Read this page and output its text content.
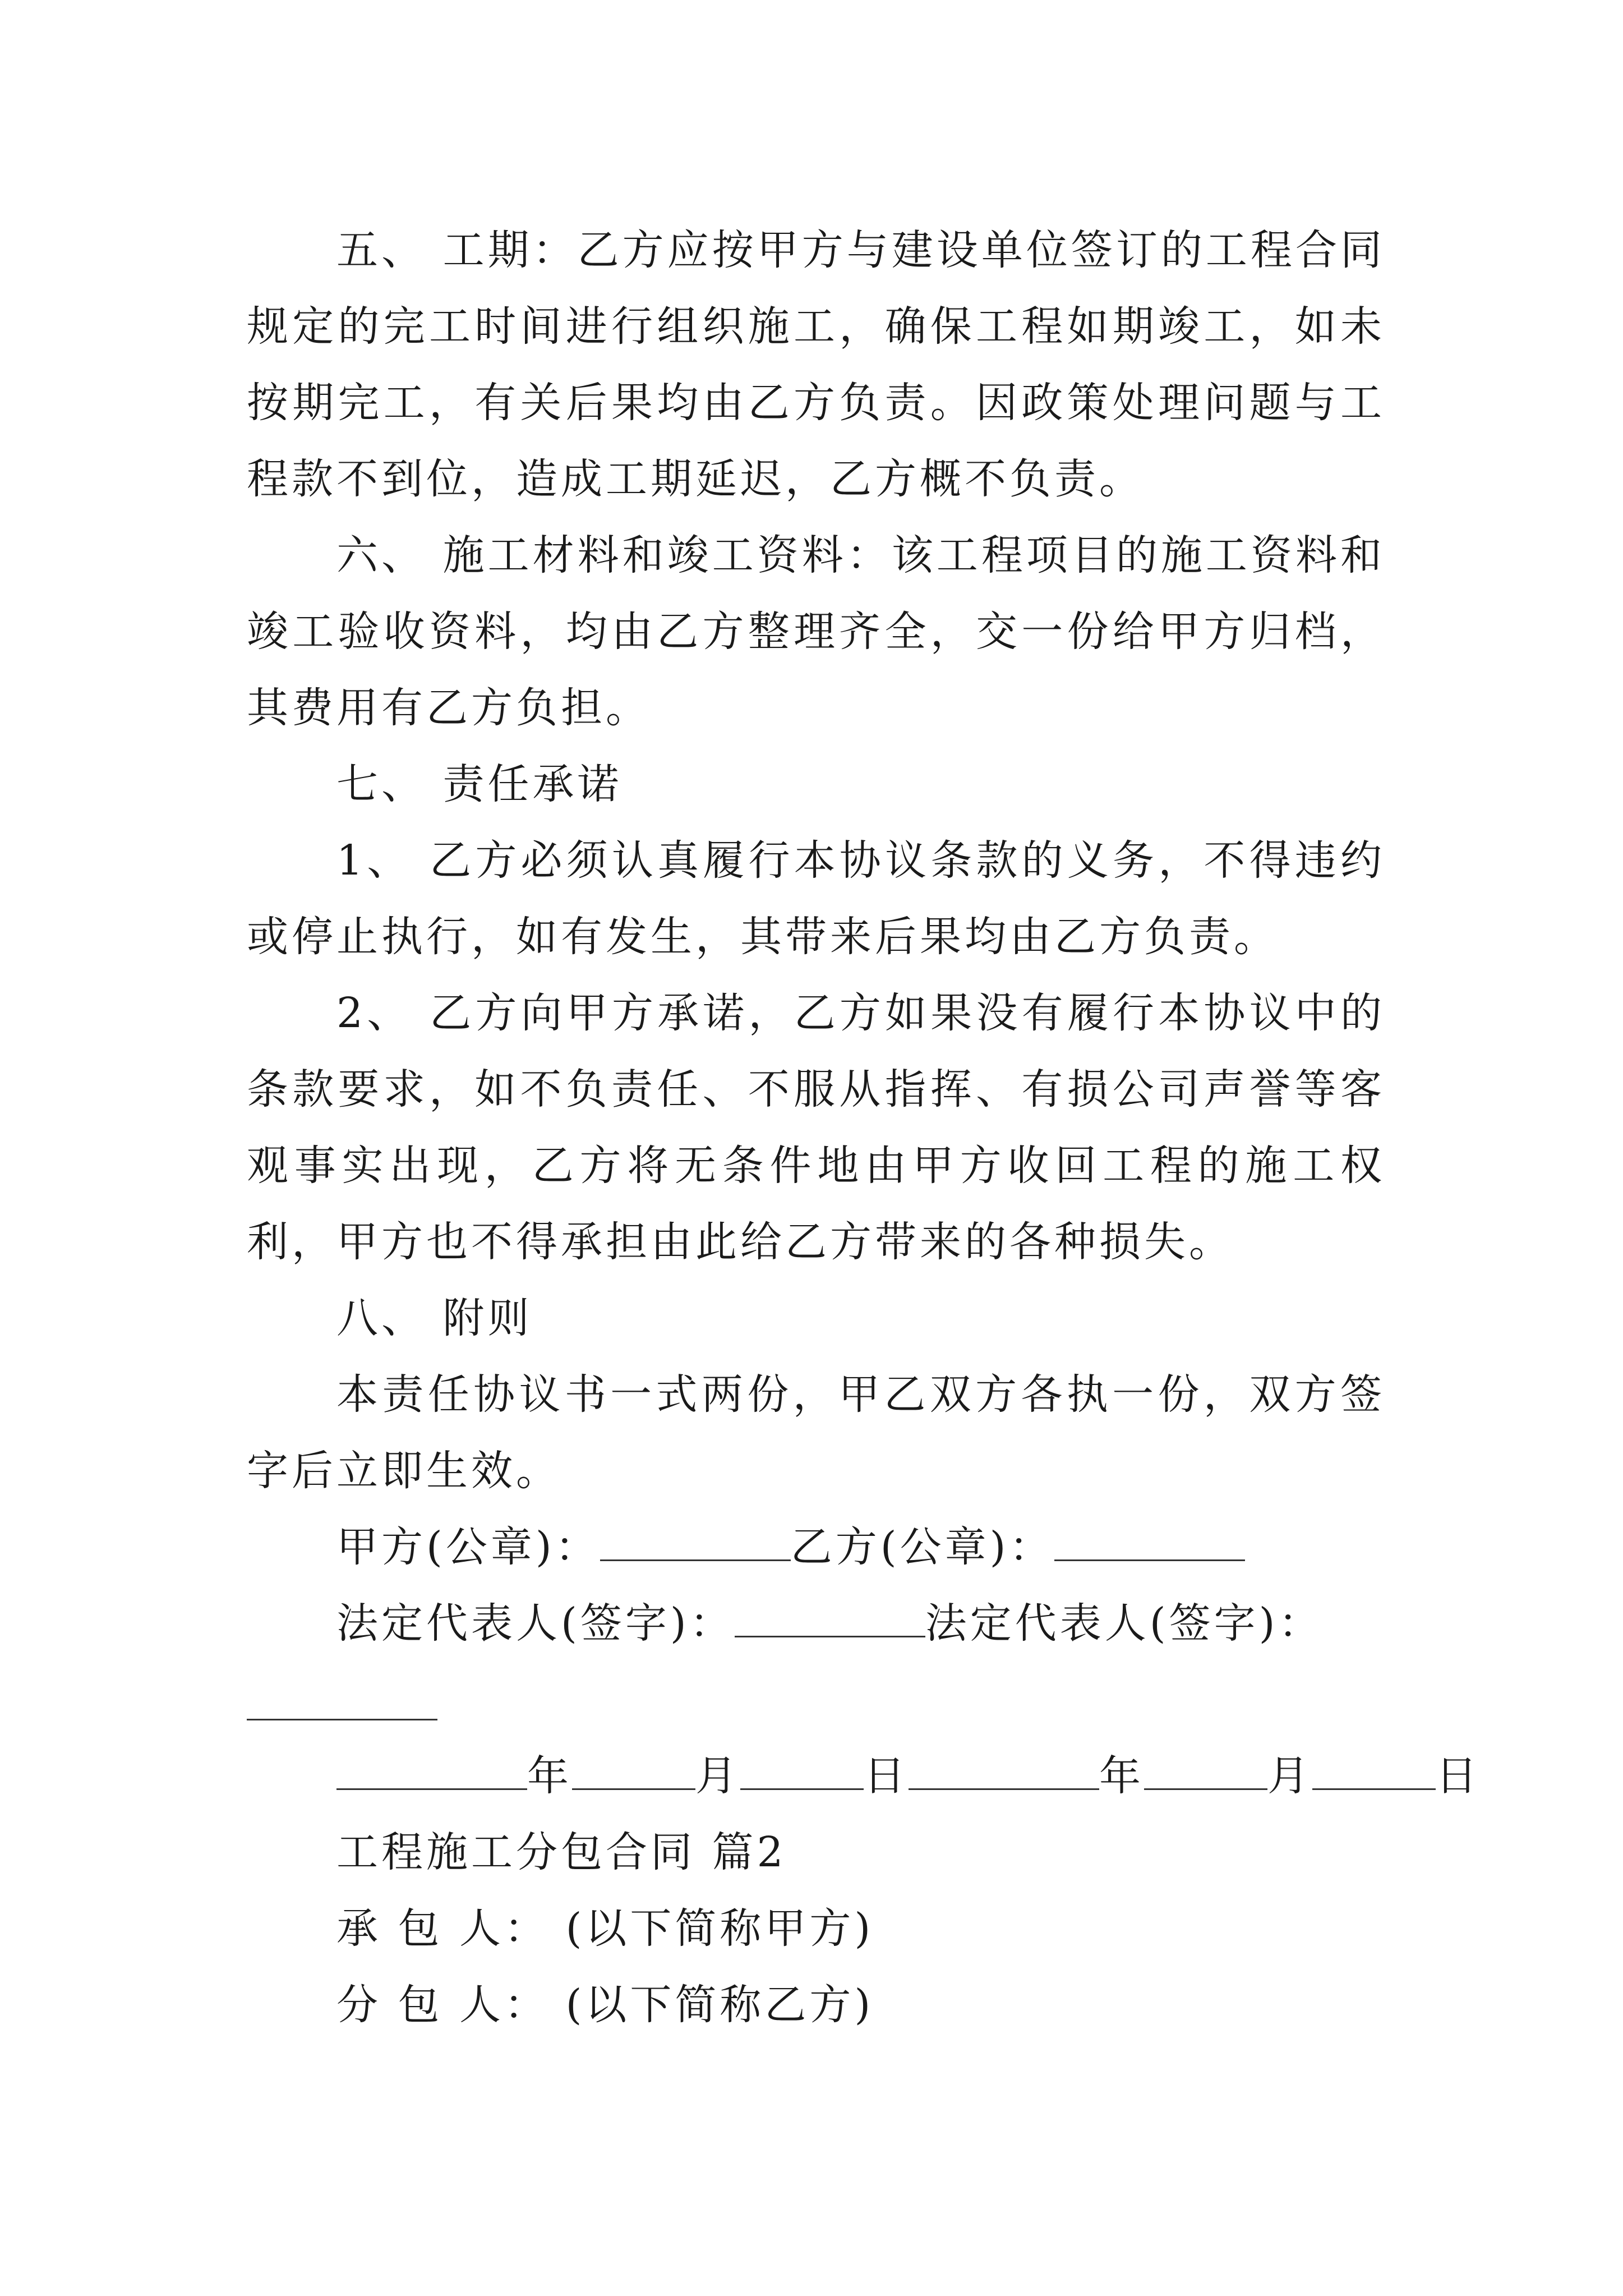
五、 工期：乙方应按甲方与建设单位签订的工程合同规定的完工时间进行组织施工，确保工程如期竣工，如未按期完工，有关后果均由乙方负责。因政策处理问题与工程款不到位，造成工期延迟，乙方概不负责。
六、 施工材料和竣工资料：该工程项目的施工资料和竣工验收资料，均由乙方整理齐全，交一份给甲方归档，其费用有乙方负担。
七、 责任承诺
1、 乙方必须认真履行本协议条款的义务，不得违约或停止执行，如有发生，其带来后果均由乙方负责。
2、 乙方向甲方承诺，乙方如果没有履行本协议中的条款要求，如不负责任、不服从指挥、有损公司声誉等客观事实出现，乙方将无条件地由甲方收回工程的施工权利，甲方也不得承担由此给乙方带来的各种损失。
八、 附则
本责任协议书一式两份，甲乙双方各执一份，双方签字后立即生效。
甲方(公章)：	乙方(公章)：
法定代表人(签字)：	法定代表人(签字)：
年	月	日	年	月	日
工程施工分包合同 篇2
承 包 人： (以下简称甲方)
分 包 人： (以下简称乙方)
